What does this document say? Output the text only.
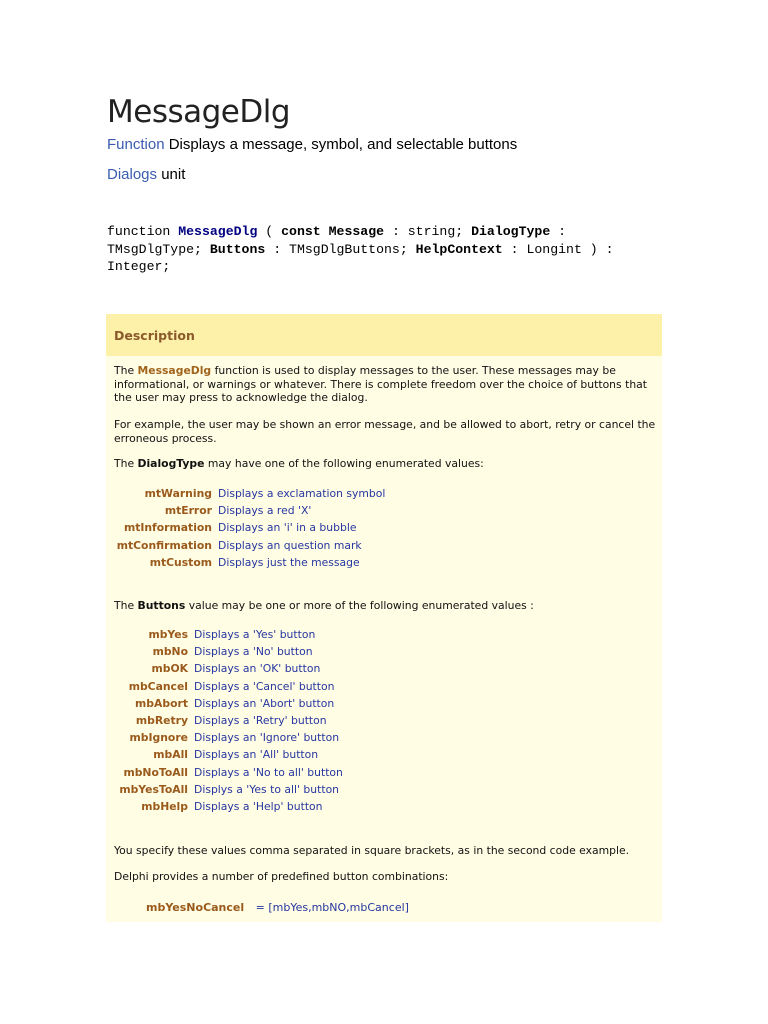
MessageDlg
Function Displays a message, symbol, and selectable buttons
Dialogs unit
function MessageDlg ( const Message : string; DialogType : TMsgDlgType; Buttons : TMsgDlgButtons; HelpContext : Longint ) : Integer;
Description

The MessageDlg function is used to display messages to the user. These messages may be informational, or warnings or whatever. There is complete freedom over the choice of buttons that the user may press to acknowledge the dialog.

For example, the user may be shown an error message, and be allowed to abort, retry or cancel the erroneous process.

The DialogType may have one of the following enumerated values:

mtWarning Displays a exclamation symbol
mtError Displays a red 'X'
mtInformation Displays an 'i' in a bubble
mtConfirmation Displays an question mark
mtCustom Displays just the message

The Buttons value may be one or more of the following enumerated values :

mbYes Displays a 'Yes' button
mbNo Displays a 'No' button
mbOK Displays an 'OK' button
mbCancel Displays a 'Cancel' button
mbAbort Displays an 'Abort' button
mbRetry Displays a 'Retry' button
mbIgnore Displays an 'Ignore' button
mbAll Displays an 'All' button
mbNoToAll Displays a 'No to all' button
mbYesToAll Displys a 'Yes to all' button
mbHelp Displays a 'Help' button

You specify these values comma separated in square brackets, as in the second code example.

Delphi provides a number of predefined button combinations:

mbYesNoCancel = [mbYes,mbNO,mbCancel]
